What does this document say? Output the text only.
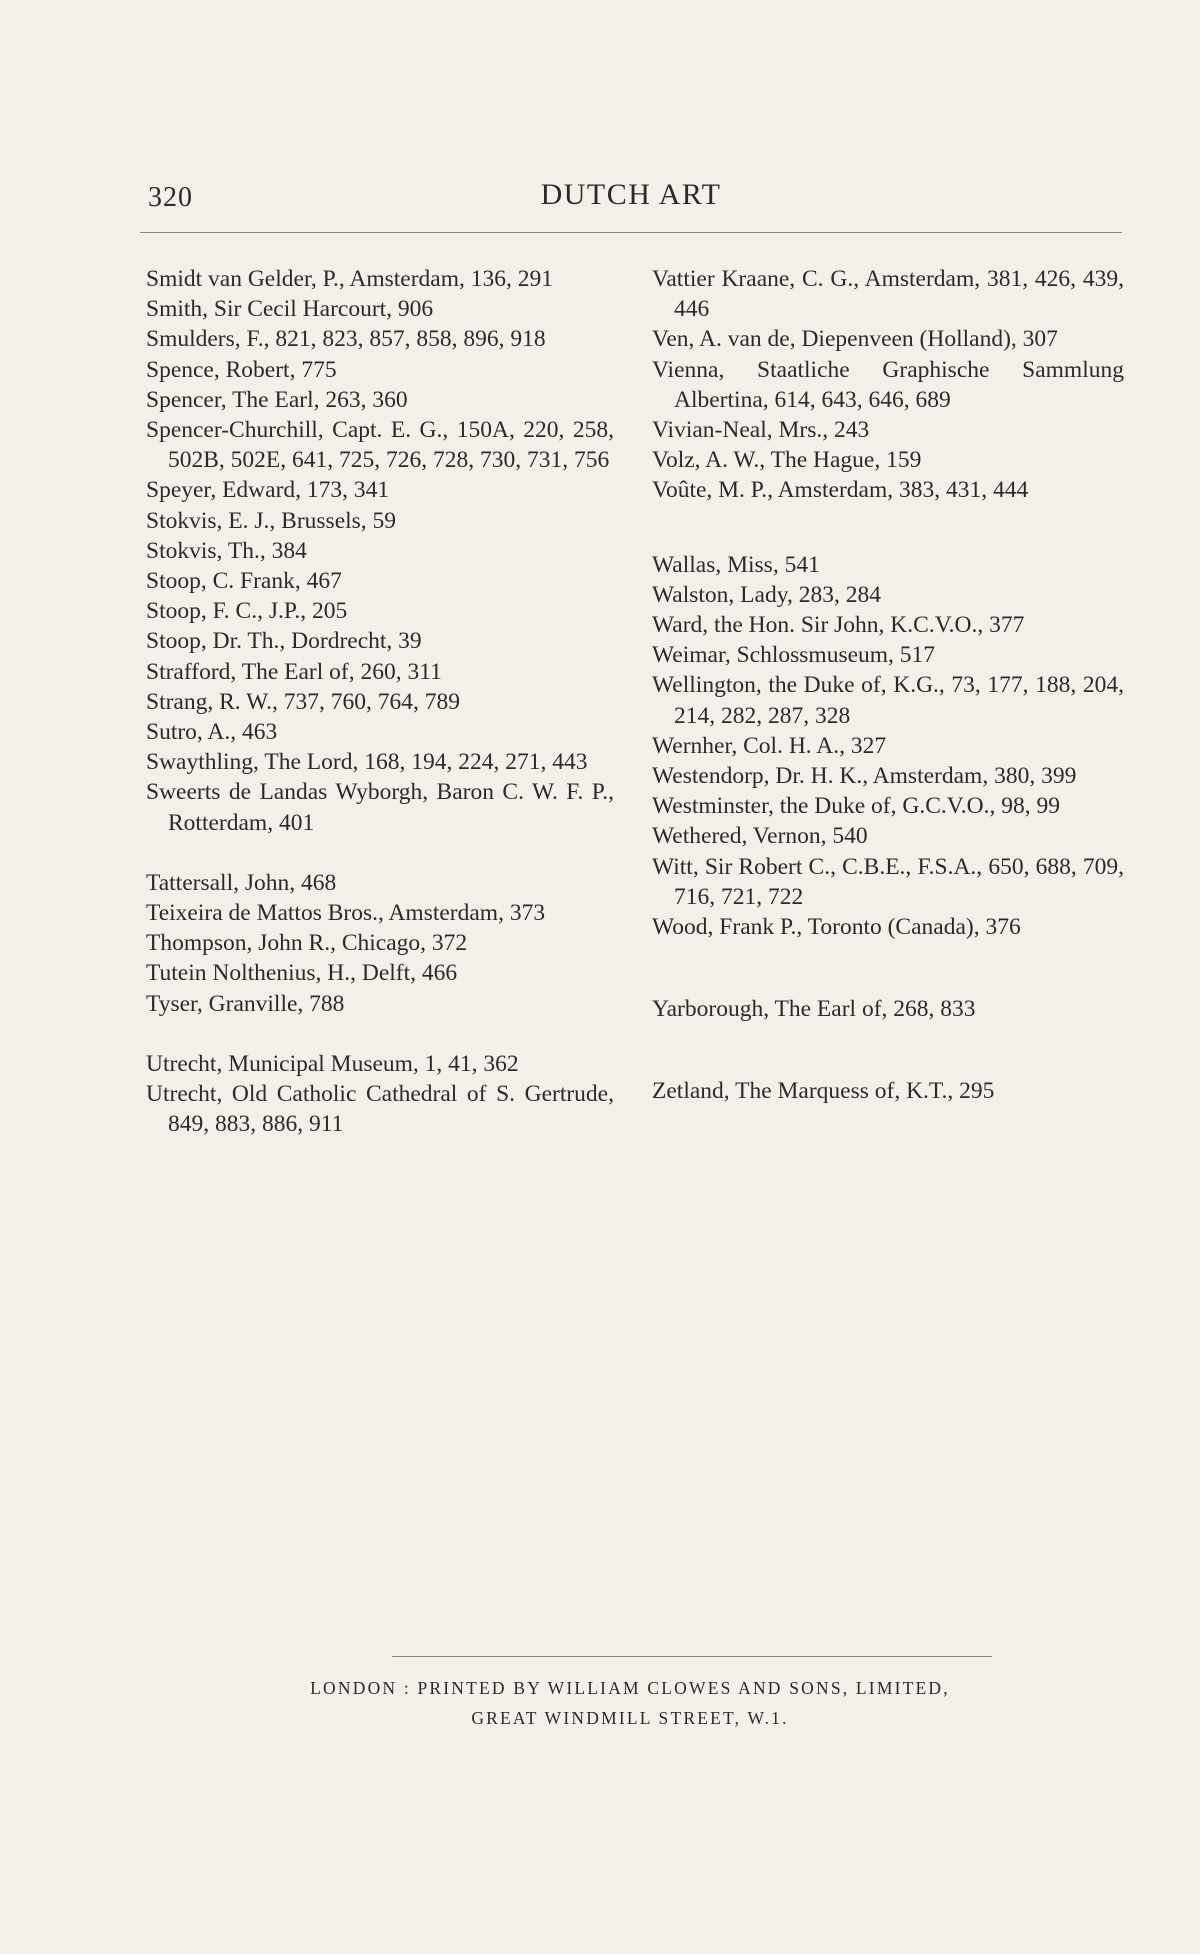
320	DUTCH ART

Smidt van Gelder, P., Amsterdam, 136, 291

Smith, Sir Cecil Harcourt, 906

Smulders, F., 821, 823, 857, 858, 896, 918

Spence, Robert, 775

Spencer, The Earl, 263, 360

Spencer-Churchill, Capt. E. G., 150A, 220, 258, 502B, 502E, 641, 725, 726, 728, 730, 731, 756

Speyer, Edward, 173, 341

Stokvis, E. J., Brussels, 59

Stokvis, Th., 384

Stoop, C. Frank, 467

Stoop, F. C., J.P., 205

Stoop, Dr. Th., Dordrecht, 39

Strafford, The Earl of, 260, 311

Strang, R. W., 737, 760, 764, 789

Sutro, A., 463

Swaythling, The Lord, 168, 194, 224, 271, 443

Sweerts de Landas Wyborgh, Baron C. W. F. P., Rotterdam, 401

Tattersall, John, 468

Teixeira de Mattos Bros., Amsterdam, 373

Thompson, John R., Chicago, 372

Tutein Nolthenius, H., Delft, 466

Tyser, Granville, 788

Utrecht, Municipal Museum, 1, 41, 362

Utrecht, Old Catholic Cathedral of S. Gertrude, 849, 883, 886, 911

Vattier Kraane, C. G., Amsterdam, 381, 426, 439, 446

Ven, A. van de, Diepenveen (Holland), 307

Vienna, Staatliche Graphische Sammlung Albertina, 614, 643, 646, 689

Vivian-Neal, Mrs., 243

Volz, A. W., The Hague, 159

Voûte, M. P., Amsterdam, 383, 431, 444

Wallas, Miss, 541

Walston, Lady, 283, 284

Ward, the Hon. Sir John, K.C.V.O., 377

Weimar, Schlossmuseum, 517

Wellington, the Duke of, K.G., 73, 177, 188, 204, 214, 282, 287, 328

Wernher, Col. H. A., 327

Westendorp, Dr. H. K., Amsterdam, 380, 399

Westminster, the Duke of, G.C.V.O., 98, 99

Wethered, Vernon, 540

Witt, Sir Robert C., C.B.E., F.S.A., 650, 688, 709, 716, 721, 722

Wood, Frank P., Toronto (Canada), 376

Yarborough, The Earl of, 268, 833

Zetland, The Marquess of, K.T., 295

LONDON : PRINTED BY WILLIAM CLOWES AND SONS, LIMITED,
GREAT WINDMILL STREET, W.1.
